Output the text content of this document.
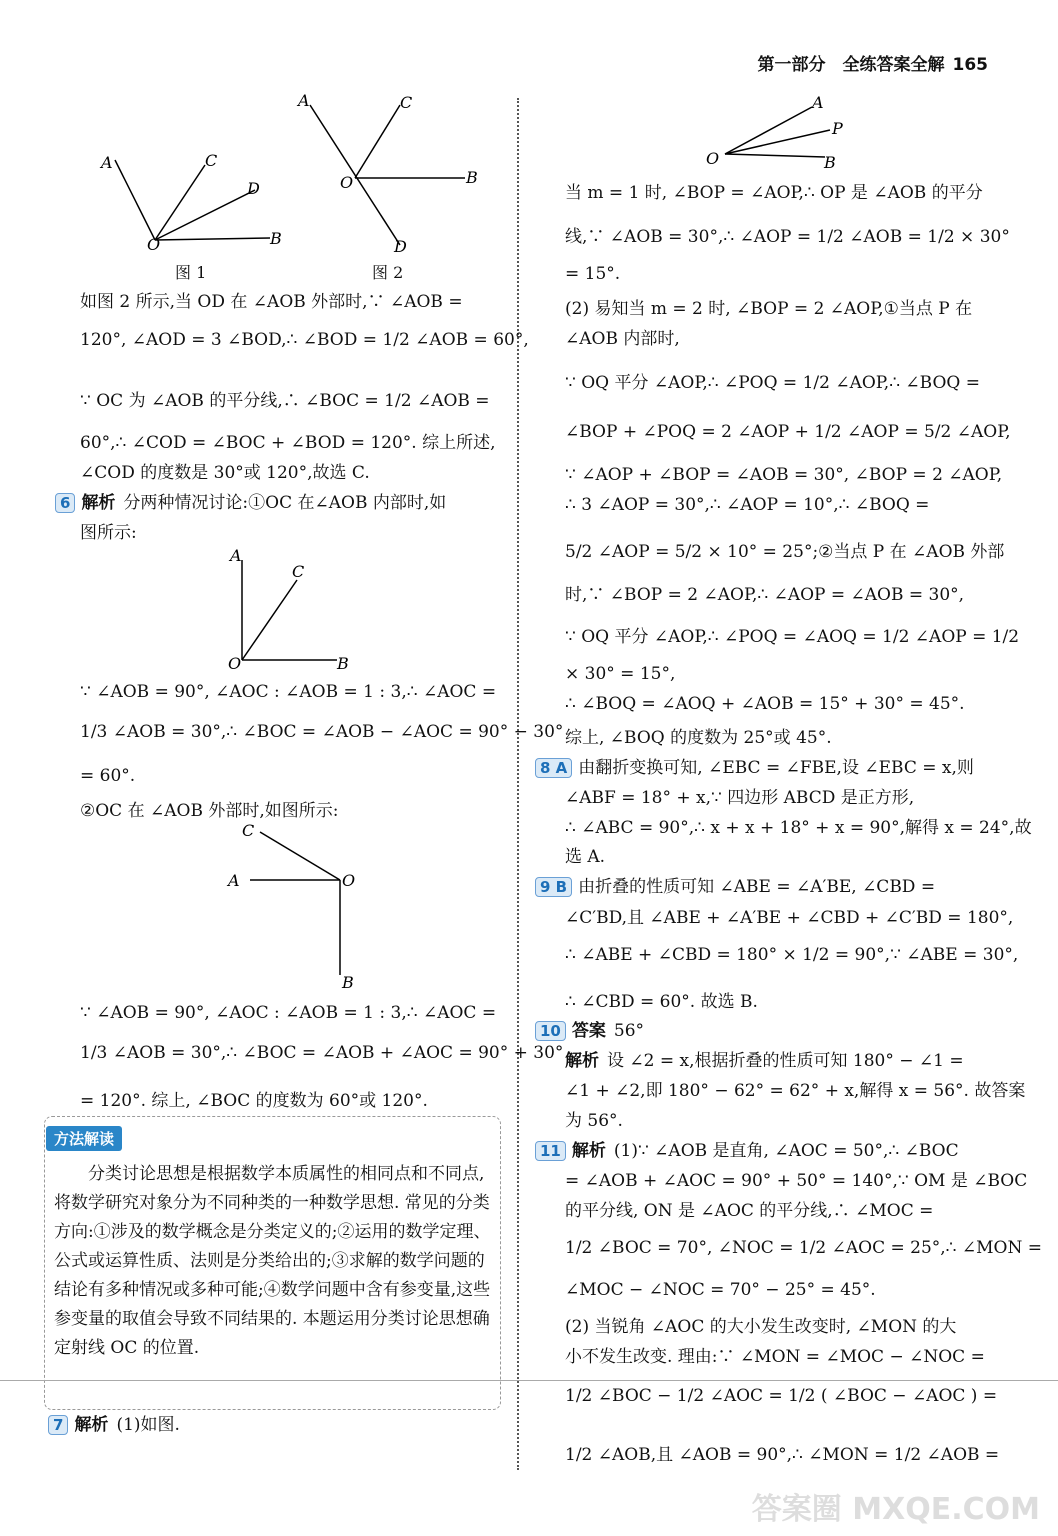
第一部分　全练答案全解 165
A	C
D
O	B
图 1
A	C
O	B
D
图 2
如图 2 所示,当 OD 在 ∠AOB 外部时,∵ ∠AOB =
120°, ∠AOD = 3 ∠BOD,∴ ∠BOD = 1/2 ∠AOB = 60°,
∵ OC 为 ∠AOB 的平分线,∴ ∠BOC = 1/2 ∠AOB =
60°,∴ ∠COD = ∠BOC + ∠BOD = 120°. 综上所述,
∠COD 的度数是 30°或 120°,故选 C.
6 解析 分两种情况讨论:①OC 在∠AOB 内部时,如
图所示:
A
C
O	B
∵ ∠AOB = 90°, ∠AOC : ∠AOB = 1 : 3,∴ ∠AOC =
1/3 ∠AOB = 30°,∴ ∠BOC = ∠AOB − ∠AOC = 90° − 30°
= 60°.
②OC 在 ∠AOB 外部时,如图所示:
C
A	O
B
∵ ∠AOB = 90°, ∠AOC : ∠AOB = 1 : 3,∴ ∠AOC =
1/3 ∠AOB = 30°,∴ ∠BOC = ∠AOB + ∠AOC = 90° + 30°
= 120°. 综上, ∠BOC 的度数为 60°或 120°.
方法解读
　　分类讨论思想是根据数学本质属性的相同点和不同点,将数学研究对象分为不同种类的一种数学思想. 常见的分类方向:①涉及的数学概念是分类定义的;②运用的数学定理、公式或运算性质、法则是分类给出的;③求解的数学问题的结论有多种情况或多种可能;④数学问题中含有参变量,这些参变量的取值会导致不同结果的. 本题运用分类讨论思想确定射线 OC 的位置.
7 解析 (1)如图.
A
P
O	B
当 m = 1 时, ∠BOP = ∠AOP,∴ OP 是 ∠AOB 的平分
线,∵ ∠AOB = 30°,∴ ∠AOP = 1/2 ∠AOB = 1/2 × 30°
= 15°.
(2) 易知当 m = 2 时, ∠BOP = 2 ∠AOP,①当点 P 在
∠AOB 内部时,
∵ OQ 平分 ∠AOP,∴ ∠POQ = 1/2 ∠AOP,∴ ∠BOQ =
∠BOP + ∠POQ = 2 ∠AOP + 1/2 ∠AOP = 5/2 ∠AOP,
∵ ∠AOP + ∠BOP = ∠AOB = 30°, ∠BOP = 2 ∠AOP,
∴ 3 ∠AOP = 30°,∴ ∠AOP = 10°,∴ ∠BOQ =
5/2 ∠AOP = 5/2 × 10° = 25°;②当点 P 在 ∠AOB 外部
时,∵ ∠BOP = 2 ∠AOP,∴ ∠AOP = ∠AOB = 30°,
∵ OQ 平分 ∠AOP,∴ ∠POQ = ∠AOQ = 1/2 ∠AOP = 1/2
× 30° = 15°,
∴ ∠BOQ = ∠AOQ + ∠AOB = 15° + 30° = 45°.
综上, ∠BOQ 的度数为 25°或 45°.
8 A 由翻折变换可知, ∠EBC = ∠FBE,设 ∠EBC = x,则
∠ABF = 18° + x,∵ 四边形 ABCD 是正方形,
∴ ∠ABC = 90°,∴ x + x + 18° + x = 90°,解得 x = 24°,故
选 A.
9 B 由折叠的性质可知 ∠ABE = ∠A′BE, ∠CBD =
∠C′BD,且 ∠ABE + ∠A′BE + ∠CBD + ∠C′BD = 180°,
∴ ∠ABE + ∠CBD = 180° × 1/2 = 90°,∵ ∠ABE = 30°,
∴ ∠CBD = 60°. 故选 B.
10 答案 56°
解析 设 ∠2 = x,根据折叠的性质可知 180° − ∠1 =
∠1 + ∠2,即 180° − 62° = 62° + x,解得 x = 56°. 故答案
为 56°.
11 解析 (1)∵ ∠AOB 是直角, ∠AOC = 50°,∴ ∠BOC
= ∠AOB + ∠AOC = 90° + 50° = 140°,∵ OM 是 ∠BOC
的平分线, ON 是 ∠AOC 的平分线,∴ ∠MOC =
1/2 ∠BOC = 70°, ∠NOC = 1/2 ∠AOC = 25°,∴ ∠MON =
∠MOC − ∠NOC = 70° − 25° = 45°.
(2) 当锐角 ∠AOC 的大小发生改变时, ∠MON 的大
小不发生改变. 理由:∵ ∠MON = ∠MOC − ∠NOC =
1/2 ∠BOC − 1/2 ∠AOC = 1/2 ( ∠BOC − ∠AOC ) =
1/2 ∠AOB,且 ∠AOB = 90°,∴ ∠MON = 1/2 ∠AOB =
答案圈 MXQE.COM
